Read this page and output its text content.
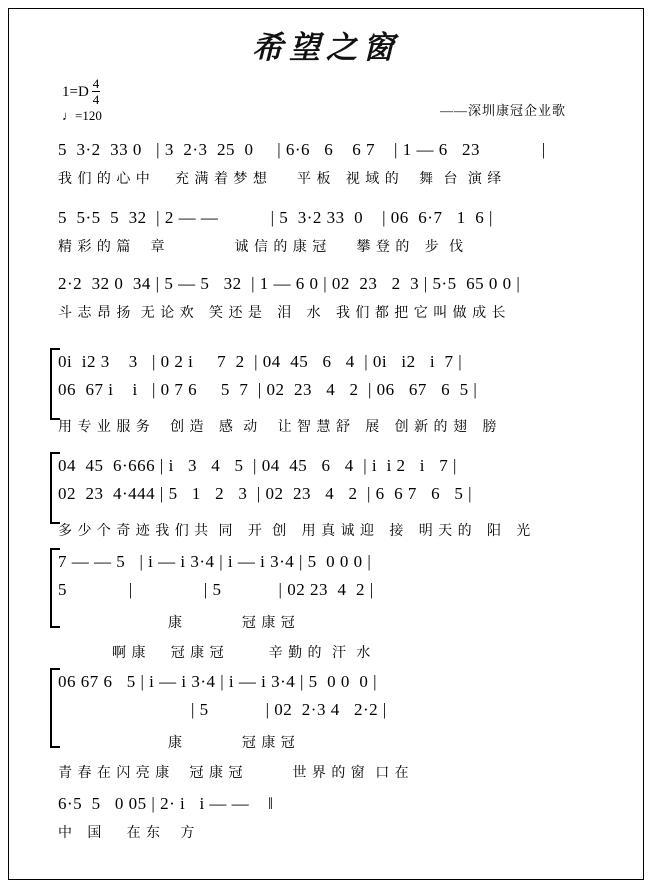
希望之窗
$1=D \frac{4}{4}$
♩=120	——深圳康冠企业歌
5  3·2  33 0   | 3  2·3  25  0     | 6·6   6    6 7    | 1 — 6   23             |
我 们 的 心 中     充 满 着 梦 想      平 板   视 域 的    舞  台  演 绎
5  5·5  5  32  | 2 — —           | 5  3·2 33  0    | 06  6·7   1  6 |
精 彩 的 篇    章              诚 信 的 康 冠      攀 登 的   步  伐
2·2  32 0  34 | 5 — 5   32  | 1 — 6 0 | 02  23   2  3 | 5·5  65 0 0 |
斗 志 昂 扬  无 论 欢   笑 还 是   泪   水   我 们 都 把 它 叫 做 成 长
0i  i2 3    3   | 0 2 i     7  2  | 04  45   6   4  | 0i   i2   i  7 |
06  67 i    i   | 0 7 6     5  7  | 02  23   4   2  | 06   67   6  5 |
用 专 业 服 务    创 造   感  动    让 智 慧 舒   展   创 新 的 翅   膀
04  45  6·666 | i   3   4   5  | 04  45   6   4  | i  i 2   i   7 |
02  23  4·444 | 5   1   2   3  | 02  23   4   2  | 6  6 7   6   5 |
多 少 个 奇 迹 我 们 共  同   开  创   用 真 诚 迎   接   明 天 的   阳   光
7 — — 5   | i — i 3·4 | i — i 3·4 | 5  0 0 0 |
5             |               | 5            | 02 23  4  2 |
康            冠 康 冠
啊 康     冠 康 冠         辛 勤 的  汗  水
06 67 6   5 | i — i 3·4 | i — i 3·4 | 5  0 0  0 |
| 5            | 02  2·3 4   2·2 |
康            冠 康 冠
青 春 在 闪 亮 康    冠 康 冠          世 界 的 窗  口 在
6·5  5   0 05 | 2· i   i — —    ‖
中   国     在 东    方
